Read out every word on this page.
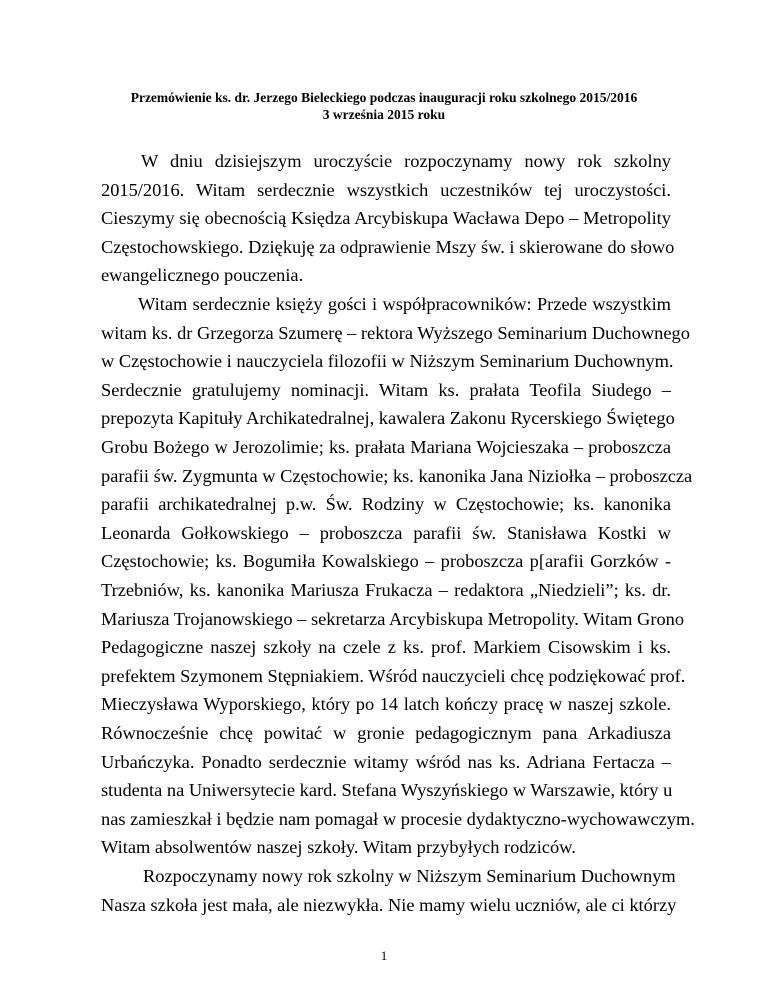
Przemówienie ks. dr. Jerzego Bieleckiego podczas inauguracji roku szkolnego 2015/2016
3 września 2015 roku
W dniu dzisiejszym uroczyście rozpoczynamy nowy rok szkolny
2015/2016. Witam serdecznie wszystkich uczestników tej uroczystości.
Cieszymy się obecnością Księdza Arcybiskupa Wacława Depo – Metropolity
Częstochowskiego. Dziękuję za odprawienie Mszy św. i skierowane do słowo
ewangelicznego pouczenia.
Witam serdecznie księży gości i współpracowników: Przede wszystkim
witam ks. dr Grzegorza Szumerę – rektora Wyższego Seminarium Duchownego
w Częstochowie i nauczyciela filozofii w Niższym Seminarium Duchownym.
Serdecznie gratulujemy nominacji. Witam ks. prałata Teofila Siudego –
prepozyta Kapituły Archikatedralnej, kawalera Zakonu Rycerskiego Świętego
Grobu Bożego w Jerozolimie; ks. prałata Mariana Wojcieszaka – proboszcza
parafii św. Zygmunta w Częstochowie; ks. kanonika Jana Niziołka – proboszcza
parafii archikatedralnej p.w. Św. Rodziny w Częstochowie; ks. kanonika
Leonarda Gołkowskiego – proboszcza parafii św. Stanisława Kostki w
Częstochowie; ks. Bogumiła Kowalskiego – proboszcza p[arafii Gorzków -
Trzebniów, ks. kanonika Mariusza Frukacza – redaktora „Niedzieli”; ks. dr.
Mariusza Trojanowskiego – sekretarza Arcybiskupa Metropolity. Witam Grono
Pedagogiczne naszej szkoły na czele z ks. prof. Markiem Cisowskim i ks.
prefektem Szymonem Stępniakiem. Wśród nauczycieli chcę podziękować prof.
Mieczysława Wyporskiego, który po 14 latch kończy pracę w naszej szkole.
Równocześnie chcę powitać w gronie pedagogicznym pana Arkadiusza
Urbańczyka. Ponadto serdecznie witamy wśród nas ks. Adriana Fertacza –
studenta na Uniwersytecie kard. Stefana Wyszyńskiego w Warszawie, który u
nas zamieszkał i będzie nam pomagał w procesie dydaktyczno-wychowawczym.
Witam absolwentów naszej szkoły. Witam przybyłych rodziców.
Rozpoczynamy nowy rok szkolny w Niższym Seminarium Duchownym
Nasza szkoła jest mała, ale niezwykła. Nie mamy wielu uczniów, ale ci którzy
1
